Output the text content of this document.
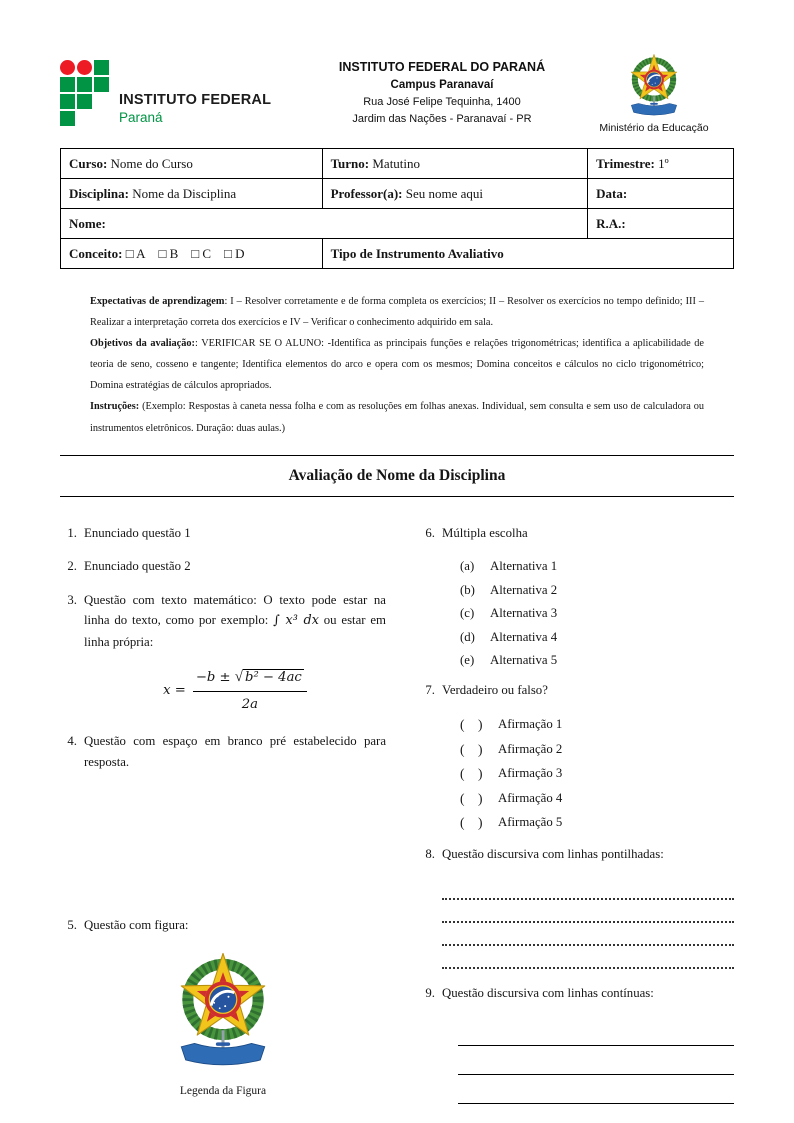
INSTITUTO FEDERAL
Paraná
INSTITUTO FEDERAL DO PARANÁ
Campus Paranavaí
Rua José Felipe Tequinha, 1400
Jardim das Nações - Paranavaí - PR
Ministério da Educação
Curso: Nome do Curso	Turno: Matutino	Trimestre: 1º
Disciplina: Nome da Disciplina	Professor(a): Seu nome aqui	Data:
Nome:		R.A.:
Conceito: □ A  □ B  □ C  □ D	Tipo de Instrumento Avaliativo	

Expectativas de aprendizagem: I – Resolver corretamente e de forma completa os exercícios; II – Resolver os exercícios no tempo definido; III – Realizar a interpretação correta dos exercícios e IV – Verificar o conhecimento adquirido em sala.

Objetivos da avaliação:: VERIFICAR SE O ALUNO: -Identifica as principais funções e relações trigonométricas; identifica a aplicabilidade de teoria de seno, cosseno e tangente; Identifica elementos do arco e opera com os mesmos; Domina conceitos e cálculos no ciclo trigonométrico; Domina estratégias de cálculos apropriados.

Instruções: (Exemplo: Respostas à caneta nessa folha e com as resoluções em folhas anexas. Individual, sem consulta e sem uso de calculadora ou instrumentos eletrônicos. Duração: duas aulas.)

Avaliação de Nome da Disciplina
1. Enunciado questão 1
2. Enunciado questão 2
3. Questão com texto matemático: O texto pode estar na linha do texto, como por exemplo: ∫ x³ dx ou estar em linha própria:
$x = \frac{\text{−b ± √ b² − 4ac}}{2a}$
4. Questão com espaço em branco pré estabelecido para resposta.
5. Questão com figura:
Legenda da Figura
6. Múltipla escolha
(a)	Alternativa 1
(b)	Alternativa 2
(c)	Alternativa 3
(d)	Alternativa 4
(e)	Alternativa 5
7. Verdadeiro ou falso?
( )	Afirmação 1
( )	Afirmação 2
( )	Afirmação 3
( )	Afirmação 4
( )	Afirmação 5
8. Questão discursiva com linhas pontilhadas:
9. Questão discursiva com linhas contínuas:
